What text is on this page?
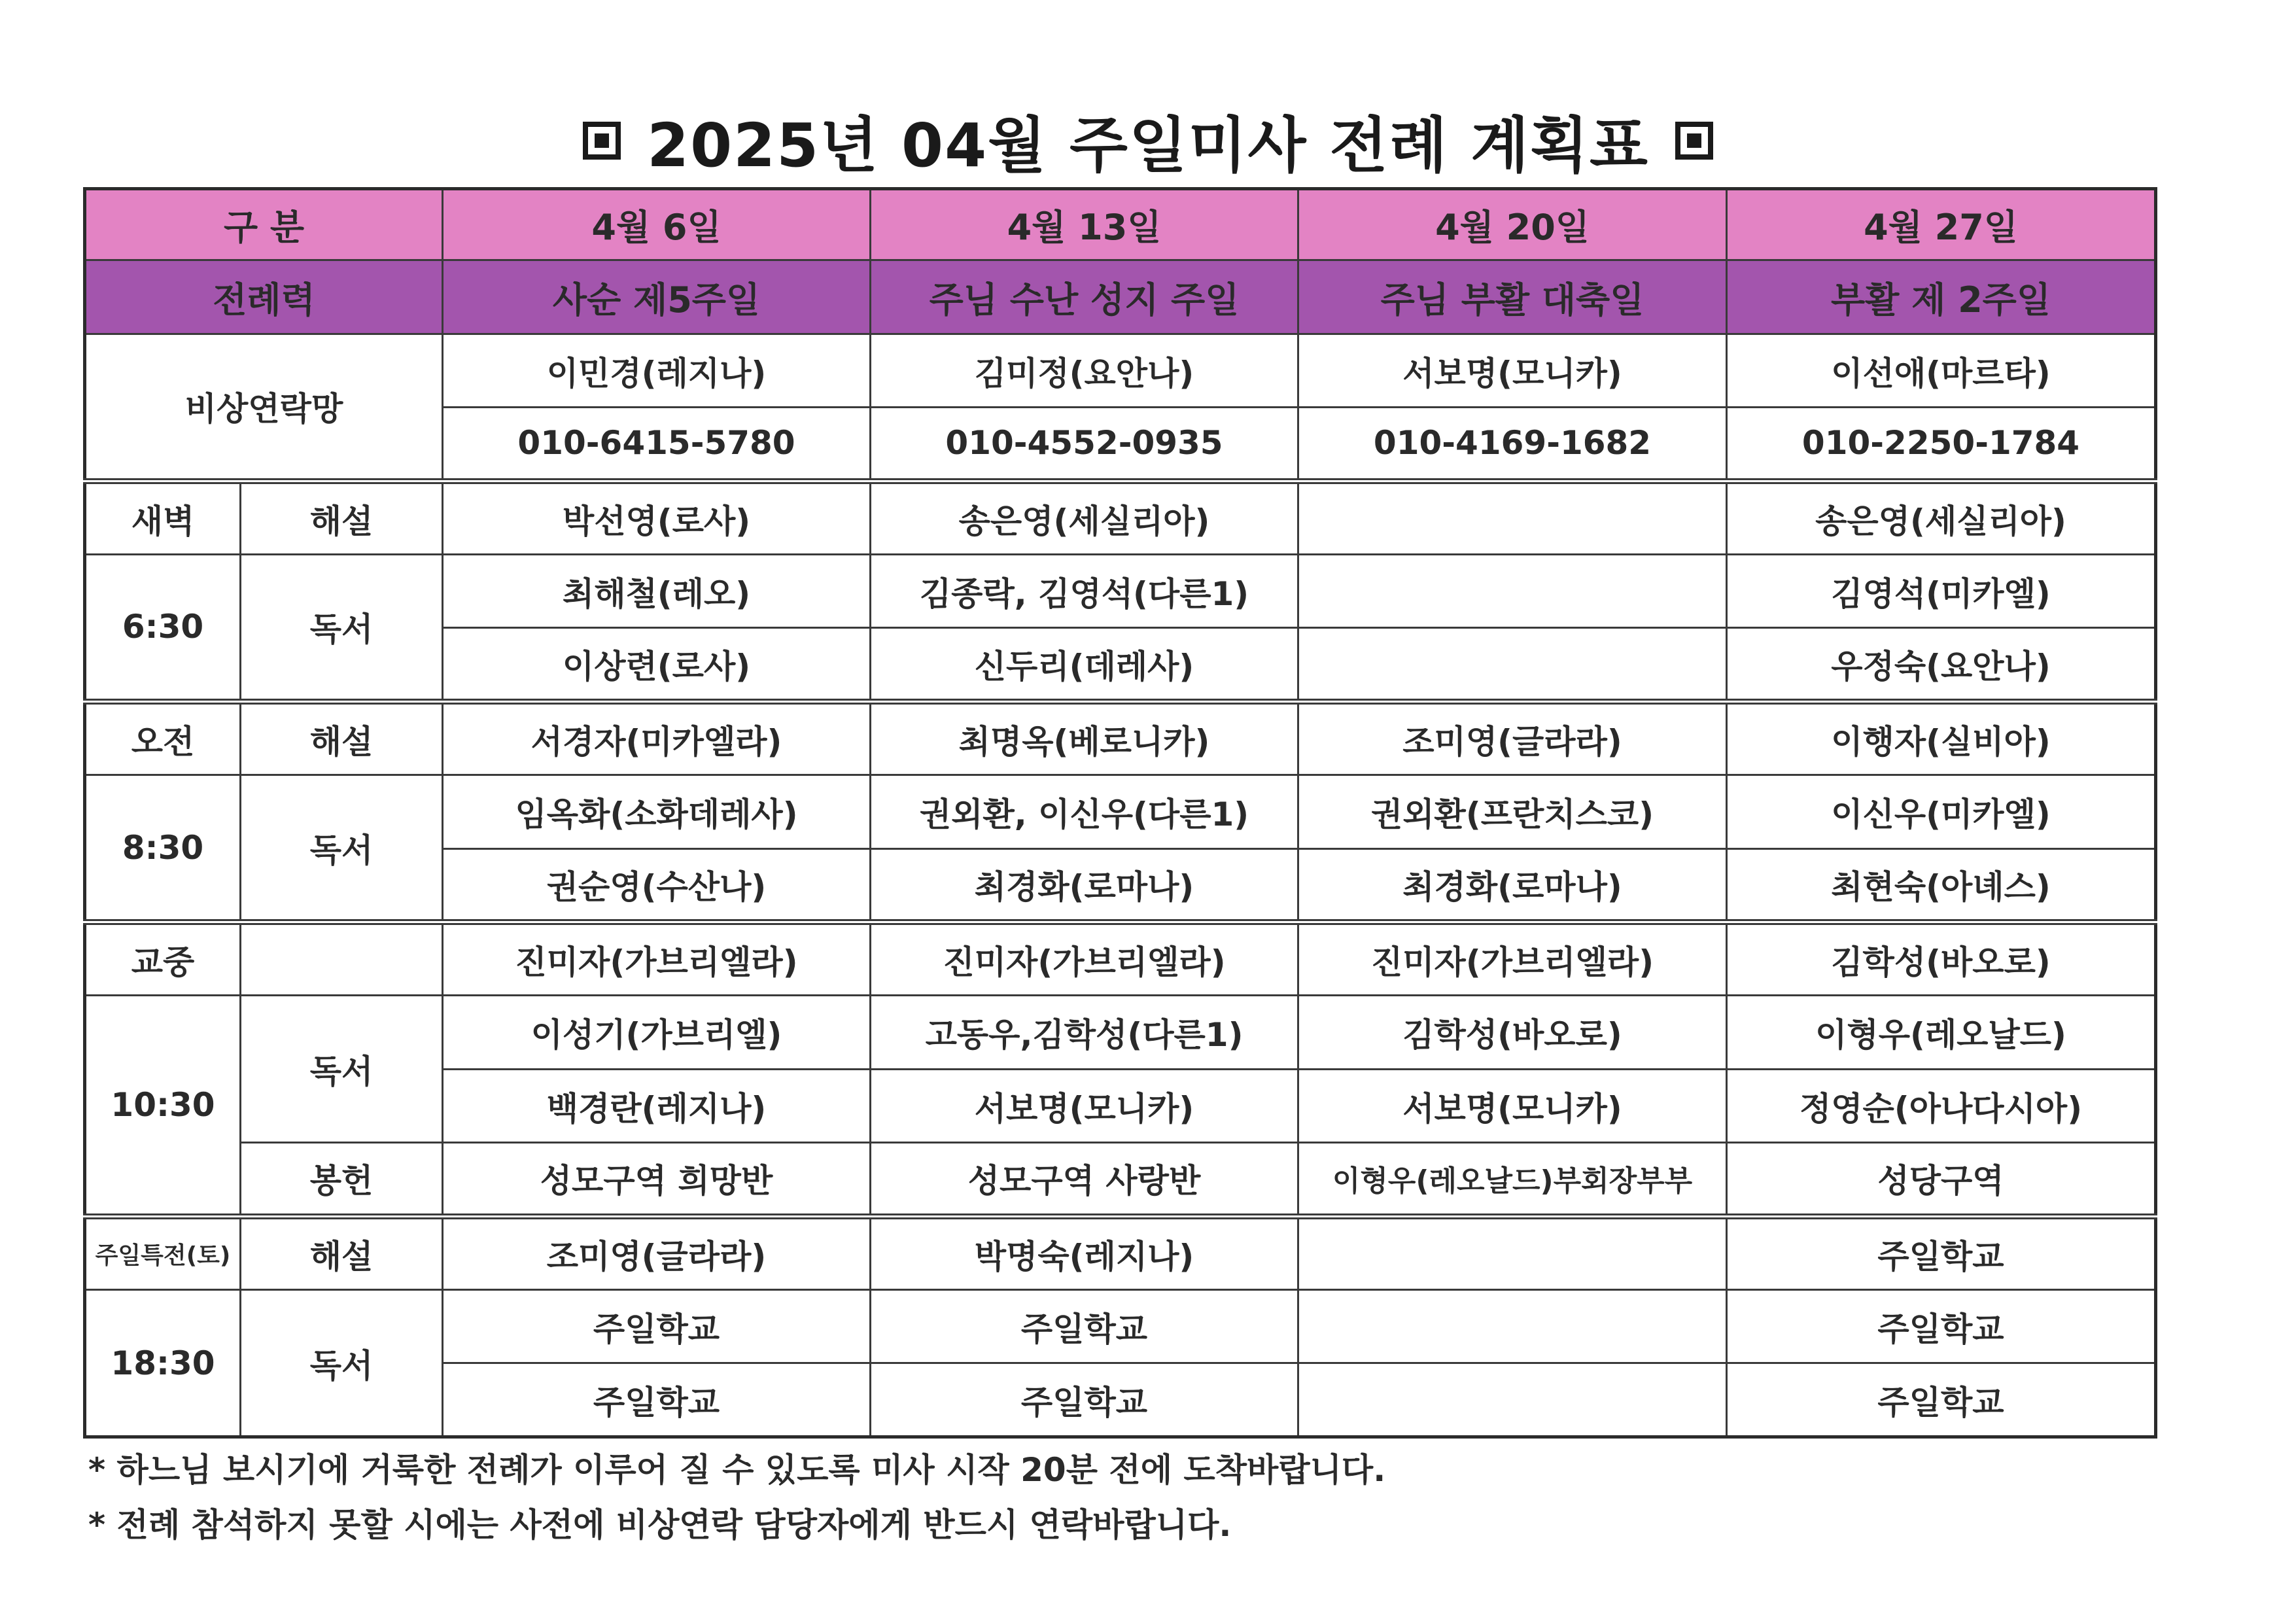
2025년 04월 주일미사 전례 계획표
구 분		4월 6일	4월 13일	4월 20일	4월 27일
전례력		사순 제5주일	주님 수난 성지 주일	주님 부활 대축일	부활 제 2주일
비상연락망		이민경(레지나)	김미정(요안나)	서보명(모니카)	이선애(마르타)
		010-6415-5780	010-4552-0935	010-4169-1682	010-2250-1784
새벽	해설	박선영(로사)	송은영(세실리아)		송은영(세실리아)
6:30	독서	최해철(레오)	김종락, 김영석(다른1)		김영석(미카엘)
		이상련(로사)	신두리(데레사)		우정숙(요안나)
오전	해설	서경자(미카엘라)	최명옥(베로니카)	조미영(글라라)	이행자(실비아)
8:30	독서	임옥화(소화데레사)	권외환, 이신우(다른1)	권외환(프란치스코)	이신우(미카엘)
		권순영(수산나)	최경화(로마나)	최경화(로마나)	최현숙(아녜스)
교중		진미자(가브리엘라)	진미자(가브리엘라)	진미자(가브리엘라)	김학성(바오로)
10:30	독서	이성기(가브리엘)	고동우,김학성(다른1)	김학성(바오로)	이형우(레오날드)
		백경란(레지나)	서보명(모니카)	서보명(모니카)	정영순(아나다시아)
	봉헌	성모구역 희망반	성모구역 사랑반	이형우(레오날드)부회장부부	성당구역
주일특전(토)	해설	조미영(글라라)	박명숙(레지나)		주일학교
18:30	독서	주일학교	주일학교		주일학교
		주일학교	주일학교		주일학교
* 하느님 보시기에 거룩한 전례가 이루어 질 수 있도록 미사 시작 20분 전에 도착바랍니다.
* 전례 참석하지 못할 시에는 사전에 비상연락 담당자에게 반드시 연락바랍니다.
